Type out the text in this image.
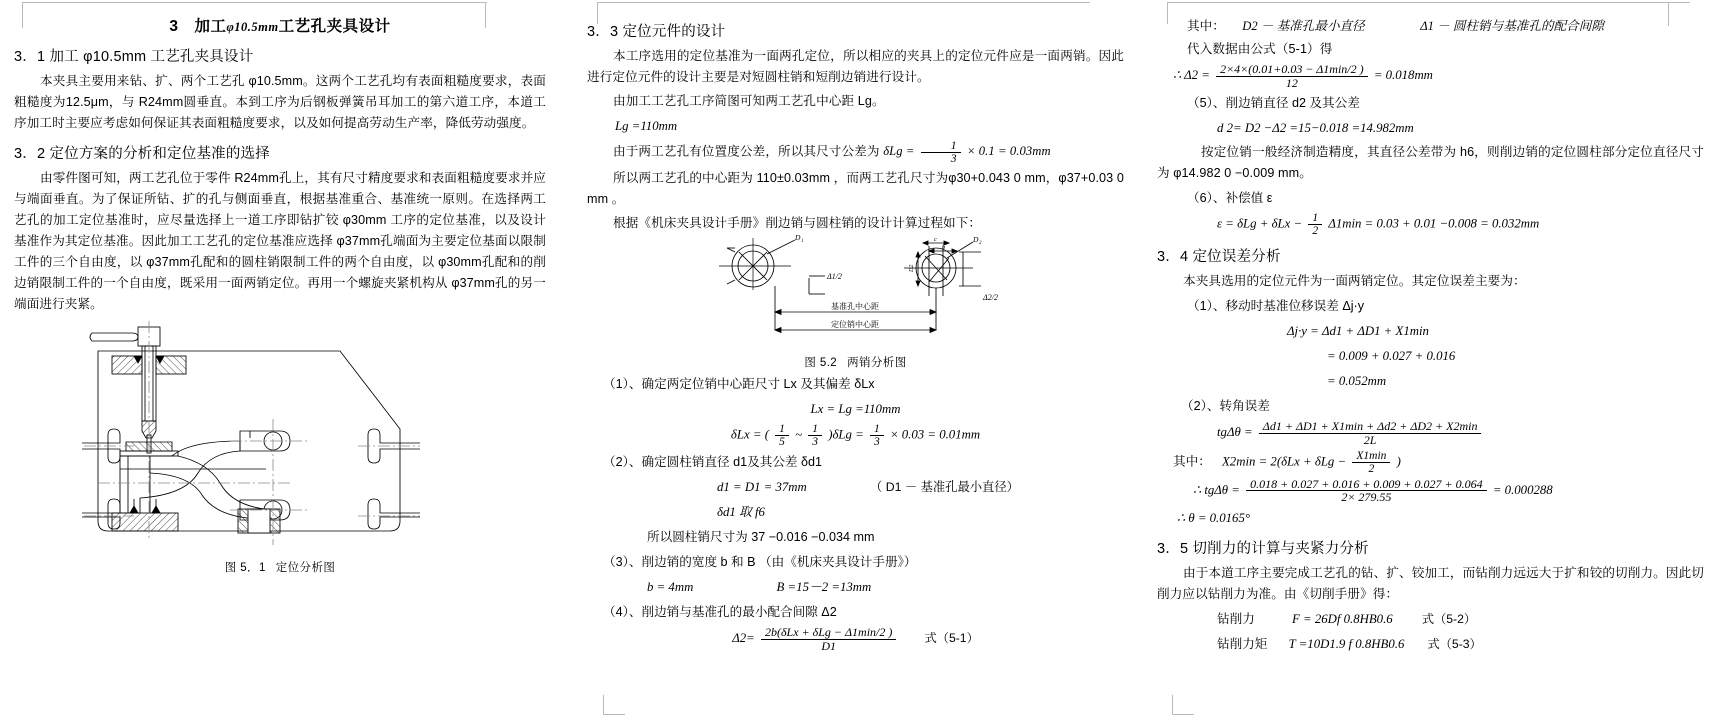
3 加工φ10.5mm工艺孔夹具设计
3．1 加工 φ10.5mm 工艺孔夹具设计

本夹具主要用来钻、扩、两个工艺孔 φ10.5mm。这两个工艺孔均有表面粗糙度要求，表面粗糙度为12.5μm，与 R24mm圆垂直。本到工序为后钢板弹簧吊耳加工的第六道工序，本道工序加工时主要应考虑如何保证其表面粗糙度要求，以及如何提高劳动生产率，降低劳动强度。

3．2 定位方案的分析和定位基准的选择

由零件图可知，两工艺孔位于零件 R24mm孔上，其有尺寸精度要求和表面粗糙度要求并应与端面垂直。为了保证所钻、扩的孔与侧面垂直，根据基准重合、基准统一原则。在选择两工艺孔的加工定位基准时，应尽量选择上一道工序即钻扩铰 φ30mm 工序的定位基准，以及设计基准作为其定位基准。因此加工工艺孔的定位基准应选择 φ37mm孔端面为主要定位基面以限制工件的三个自由度，以 φ37mm孔配和的圆柱销限制工件的两个自由度，以 φ30mm孔配和的削边销限制工件的一个自由度，既采用一面两销定位。再用一个螺旋夹紧机构从 φ37mm孔的另一端面进行夹紧。

图 5．1 定位分析图
3．3 定位元件的设计

本工序选用的定位基准为一面两孔定位，所以相应的夹具上的定位元件应是一面两销。因此进行定位元件的设计主要是对短圆柱销和短削边销进行设计。

由加工工艺孔工序简图可知两工艺孔中心距 Lg。

Lg =110mm

由于两工艺孔有位置度公差，所以其尺寸公差为 $\delta Lg = \frac{1}{3} \times 0.1 = 0.03mm$

所以两工艺孔的中心距为 110±0.03mm ，而两工艺孔尺寸为φ30+0.043 0 mm，φ37+0.03 0 mm 。

根据《机床夹具设计手册》削边销与圆柱销的设计计算过程如下：

D 1	D 2
c
b
D2
Δ1/2
Δ2/2
基准孔中心距
定位销中心距
图 5.2 两销分析图
（1）、确定两定位销中心距尺寸 Lx 及其偏差 δLx
Lx = Lg =110mm
δLx = ( $\frac{1}{5}$ ~ $\frac{1}{3} )\delta Lg = \frac{1}{3} \times 0.03 = 0.01mm$
（2）、确定圆柱销直径 d1及其公差 δd1
d1 = D1 = 37mm	（ D1 － 基准孔最小直径）
δd1 取 f6
所以圆柱销尺寸为 37 −0.016 −0.034 mm
（3）、削边销的宽度 b 和 B （由《机床夹具设计手册》）
b = 4mm	B =15－2 =13mm
（4）、削边销与基准孔的最小配合间隙 Δ2
$\Delta 2= \frac{\text{2b(δLx + δLg − Δ1min/2 )}}{D1}$ 式（5-1）
其中： D2 － 基准孔最小直径	Δ1 － 圆柱销与基准孔的配合间隙

代入数据由公式（5-1）得

∴ $\Delta 2 = \frac{2\times 4\times(0.01+0.03 - \Delta 1\min/2 )}{12} = 0.018mm$
（5）、削边销直径 d2 及其公差
d 2= D2 −Δ2 =15−0.018 =14.982mm

按定位销一般经济制造精度，其直径公差带为 h6，则削边销的定位圆柱部分定位直径尺寸为 φ14.982 0 −0.009 mm。

（6）、补偿值 ε
$\varepsilon = \delta Lg + \delta Lx - \frac{1}{2} \Delta 1\min = 0.03 + 0.01 -0.008 = 0.032mm$
3．4 定位误差分析

本夹具选用的定位元件为一面两销定位。其定位误差主要为：

（1）、移动时基准位移误差 Δj·y
Δj·y = Δd1 + ΔD1 + X1min
= 0.009 + 0.027 + 0.016
= 0.052mm
（2）、转角误差
$tg\Delta\theta = \frac{\Delta d1 + \Delta D1 + X1\min + \Delta d2 + \Delta D2 + X2\min}{2L}$
其中： $X2\min = 2(\delta Lx + \delta Lg - \frac{X1\min}{2}$ )
∴ $tg\Delta\theta = \frac{0.018 + 0.027 + 0.016 + 0.009 + 0.027 + 0.064}{2\times 279.55} = 0.000288$
∴ θ = 0.0165°
3．5 切削力的计算与夹紧力分析

由于本道工序主要完成工艺孔的钻、扩、铰加工，而钻削力远远大于扩和铰的切削力。因此切削力应以钻削力为准。由《切削手册》得：

钻削力	F = 26Df 0.8HB0.6 式（5-2）
钻削力矩 T =10D1.9 f 0.8HB0.6 式（5-3）
